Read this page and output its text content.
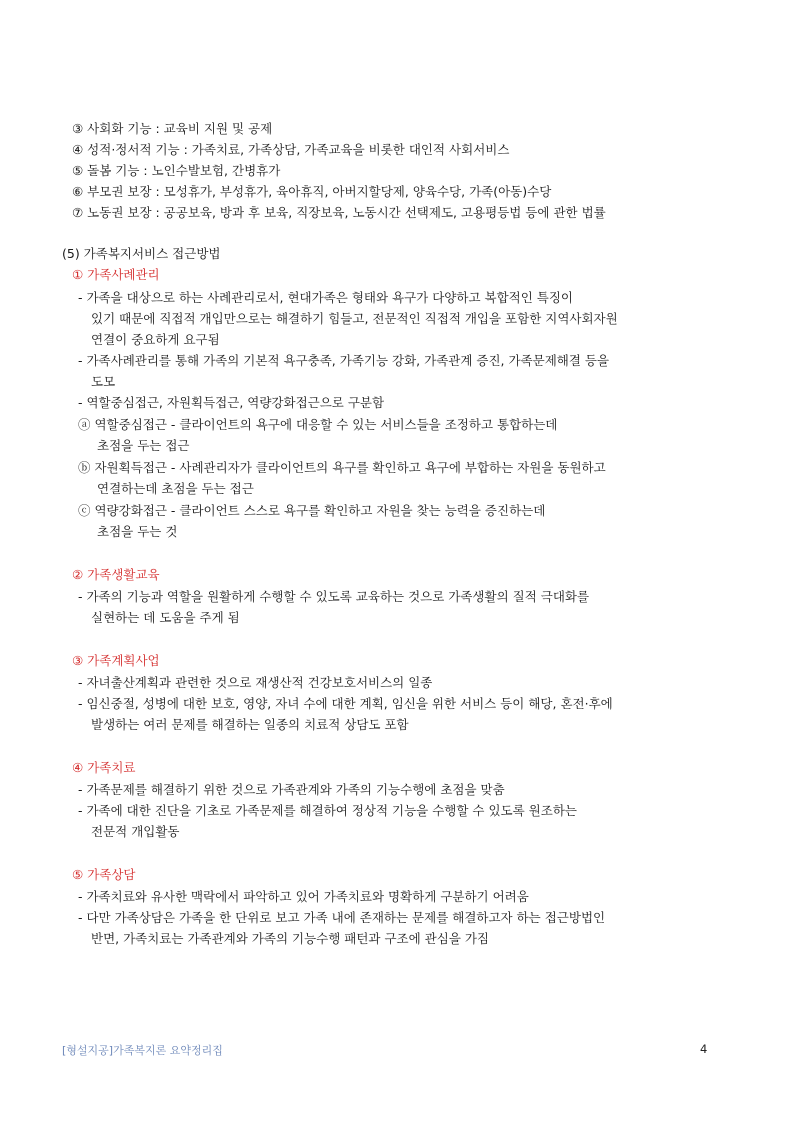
③ 사회화 기능 : 교육비 지원 및 공제
④ 성적·정서적 기능 : 가족치료, 가족상담, 가족교육을 비롯한 대인적 사회서비스
⑤ 돌봄 기능 : 노인수발보험, 간병휴가
⑥ 부모권 보장 : 모성휴가, 부성휴가, 육아휴직, 아버지할당제, 양육수당, 가족(아동)수당
⑦ 노동권 보장 : 공공보육, 방과 후 보육, 직장보육, 노동시간 선택제도, 고용평등법 등에 관한 법률
(5) 가족복지서비스 접근방법
① 가족사례관리
- 가족을 대상으로 하는 사례관리로서, 현대가족은 형태와 욕구가 다양하고 복합적인 특징이
있기 때문에 직접적 개입만으로는 해결하기 힘들고, 전문적인 직접적 개입을 포함한 지역사회자원
연결이 중요하게 요구됨
- 가족사례관리를 통해 가족의 기본적 욕구충족, 가족기능 강화, 가족관계 증진, 가족문제해결 등을
도모
- 역할중심접근, 자원획득접근, 역량강화접근으로 구분함
ⓐ 역할중심접근 - 클라이언트의 욕구에 대응할 수 있는 서비스들을 조정하고 통합하는데
초점을 두는 접근
ⓑ 자원획득접근 - 사례관리자가 클라이언트의 욕구를 확인하고 욕구에 부합하는 자원을 동원하고
연결하는데 초점을 두는 접근
ⓒ 역량강화접근 - 클라이언트 스스로 욕구를 확인하고 자원을 찾는 능력을 증진하는데
초점을 두는 것
② 가족생활교육
- 가족의 기능과 역할을 원활하게 수행할 수 있도록 교육하는 것으로 가족생활의 질적 극대화를
실현하는 데 도움을 주게 됨
③ 가족계획사업
- 자녀출산계획과 관련한 것으로 재생산적 건강보호서비스의 일종
- 임신중절, 성병에 대한 보호, 영양, 자녀 수에 대한 계획, 임신을 위한 서비스 등이 해당, 혼전·후에
발생하는 여러 문제를 해결하는 일종의 치료적 상담도 포함
④ 가족치료
- 가족문제를 해결하기 위한 것으로 가족관계와 가족의 기능수행에 초점을 맞춤
- 가족에 대한 진단을 기초로 가족문제를 해결하여 정상적 기능을 수행할 수 있도록 원조하는
전문적 개입활동
⑤ 가족상담
- 가족치료와 유사한 맥락에서 파악하고 있어 가족치료와 명확하게 구분하기 어려움
- 다만 가족상담은 가족을 한 단위로 보고 가족 내에 존재하는 문제를 해결하고자 하는 접근방법인
반면, 가족치료는 가족관계와 가족의 기능수행 패턴과 구조에 관심을 가짐
[형설지공]가족복지론 요약정리집	4
